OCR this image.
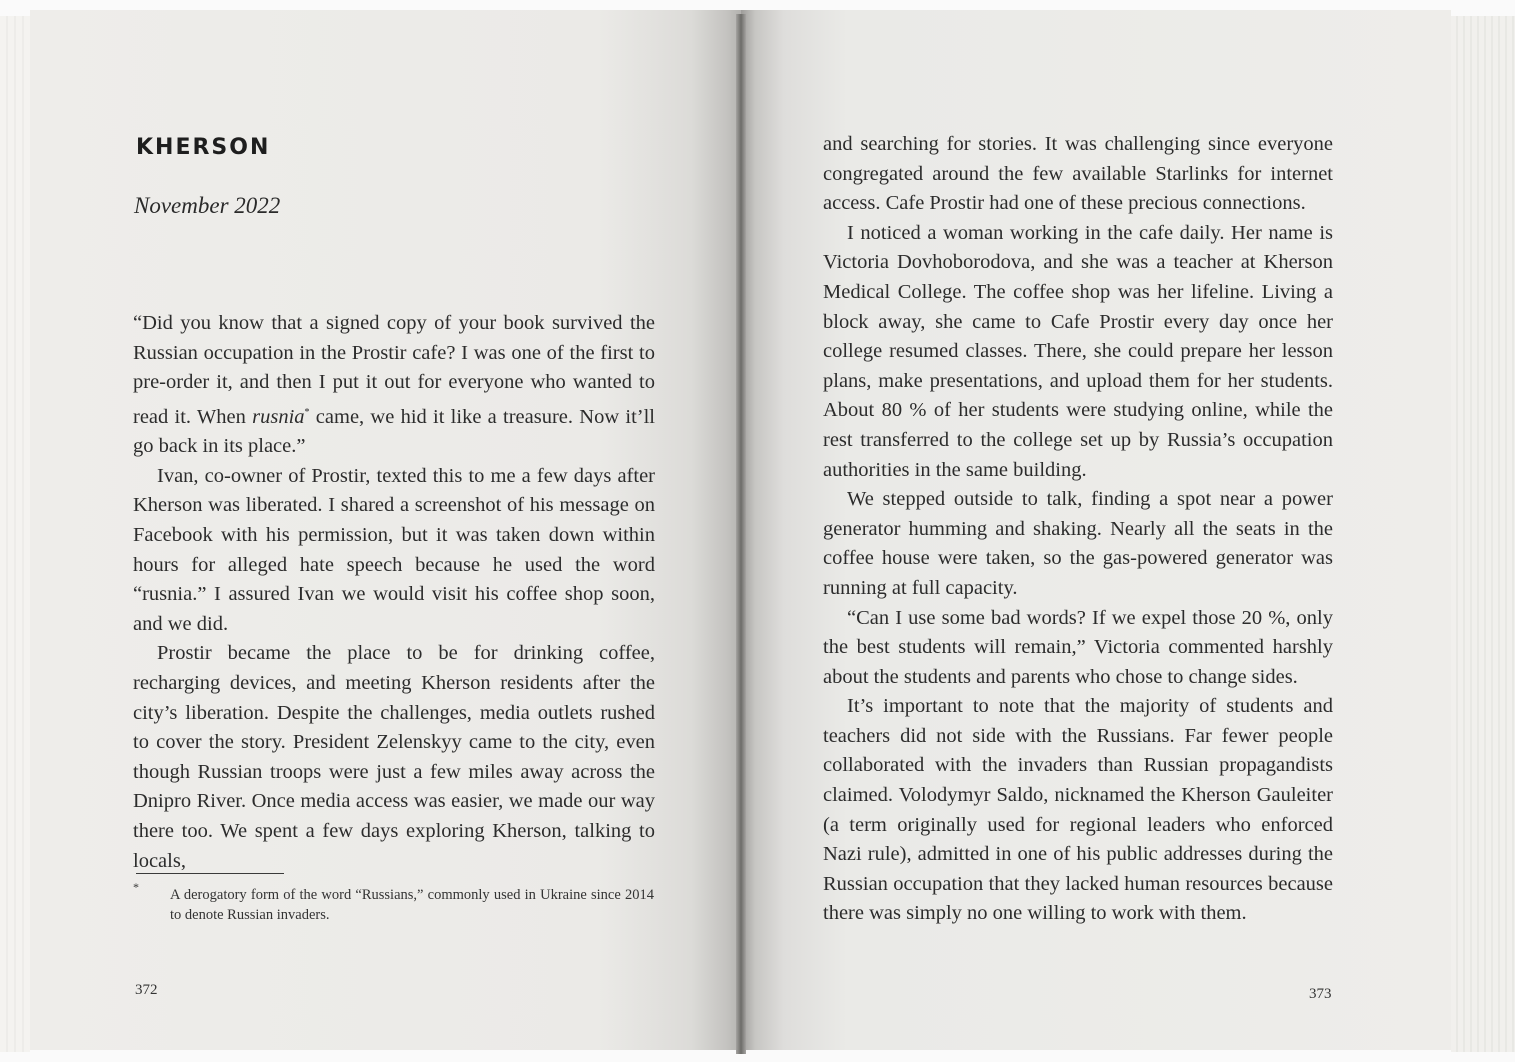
KHERSON
November 2022

“Did you know that a signed copy of your book survived the Russian occupation in the Prostir cafe? I was one of the first to pre-order it, and then I put it out for everyone who wanted to read it. When rusnia* came, we hid it like a treasure. Now it’ll go back in its place.”

Ivan, co-owner of Prostir, texted this to me a few days after Kherson was liberated. I shared a screenshot of his message on Facebook with his permission, but it was taken down within hours for alleged hate speech because he used the word “rusnia.” I assured Ivan we would visit his coffee shop soon, and we did.

Prostir became the place to be for drinking coffee, recharging devices, and meeting Kherson residents after the city’s liberation. Despite the challenges, media outlets rushed to cover the story. President Zelenskyy came to the city, even though Russian troops were just a few miles away across the Dnipro River. Once media access was easier, we made our way there too. We spent a few days exploring Kherson, talking to locals,

* A derogatory form of the word “Russians,” commonly used in Ukraine since 2014 to denote Russian invaders.
372

and searching for stories. It was challenging since everyone congregated around the few available Starlinks for internet access. Cafe Prostir had one of these precious connections.

I noticed a woman working in the cafe daily. Her name is Victoria Dovhoborodova, and she was a teacher at Kherson Medical College. The coffee shop was her lifeline. Living a block away, she came to Cafe Prostir every day once her college resumed classes. There, she could prepare her lesson plans, make presentations, and upload them for her students. About 80 % of her students were studying online, while the rest transferred to the college set up by Russia’s occupation authorities in the same building.

We stepped outside to talk, finding a spot near a power generator humming and shaking. Nearly all the seats in the coffee house were taken, so the gas-powered generator was running at full capacity.

“Can I use some bad words? If we expel those 20 %, only the best students will remain,” Victoria commented harshly about the students and parents who chose to change sides.

It’s important to note that the majority of students and teachers did not side with the Russians. Far fewer people collaborated with the invaders than Russian propagandists claimed. Volodymyr Saldo, nicknamed the Kherson Gauleiter (a term originally used for regional leaders who enforced Nazi rule), admitted in one of his public addresses during the Russian occupation that they lacked human resources because there was simply no one willing to work with them.

373
